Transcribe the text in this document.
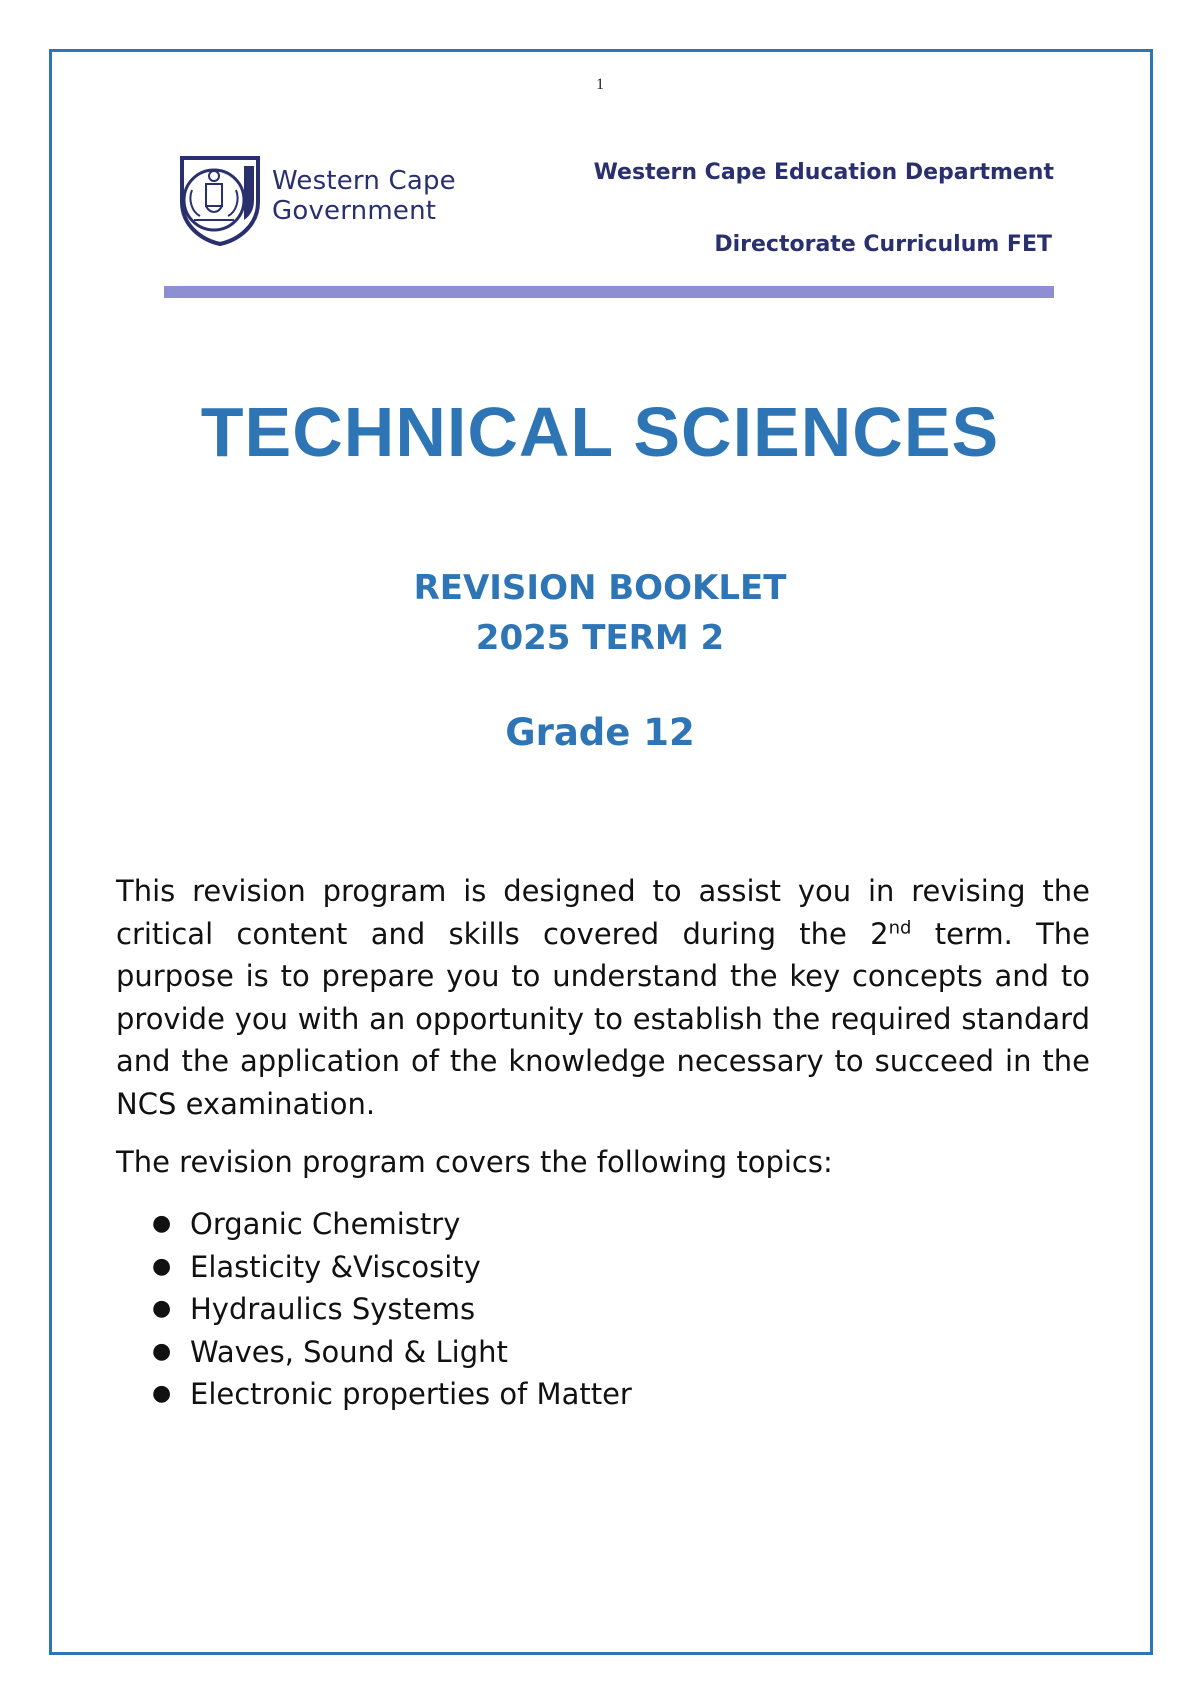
1
Western Cape
Government
Western Cape Education Department
Directorate Curriculum FET
TECHNICAL SCIENCES
REVISION BOOKLET
2025 TERM 2
Grade 12

This revision program is designed to assist you in revising the critical content and skills covered during the 2nd term. The purpose is to prepare you to understand the key concepts and to provide you with an opportunity to establish the required standard and the application of the knowledge necessary to succeed in the NCS examination.

The revision program covers the following topics:

● Organic Chemistry
● Elasticity &Viscosity
● Hydraulics Systems
● Waves, Sound & Light
● Electronic properties of Matter
